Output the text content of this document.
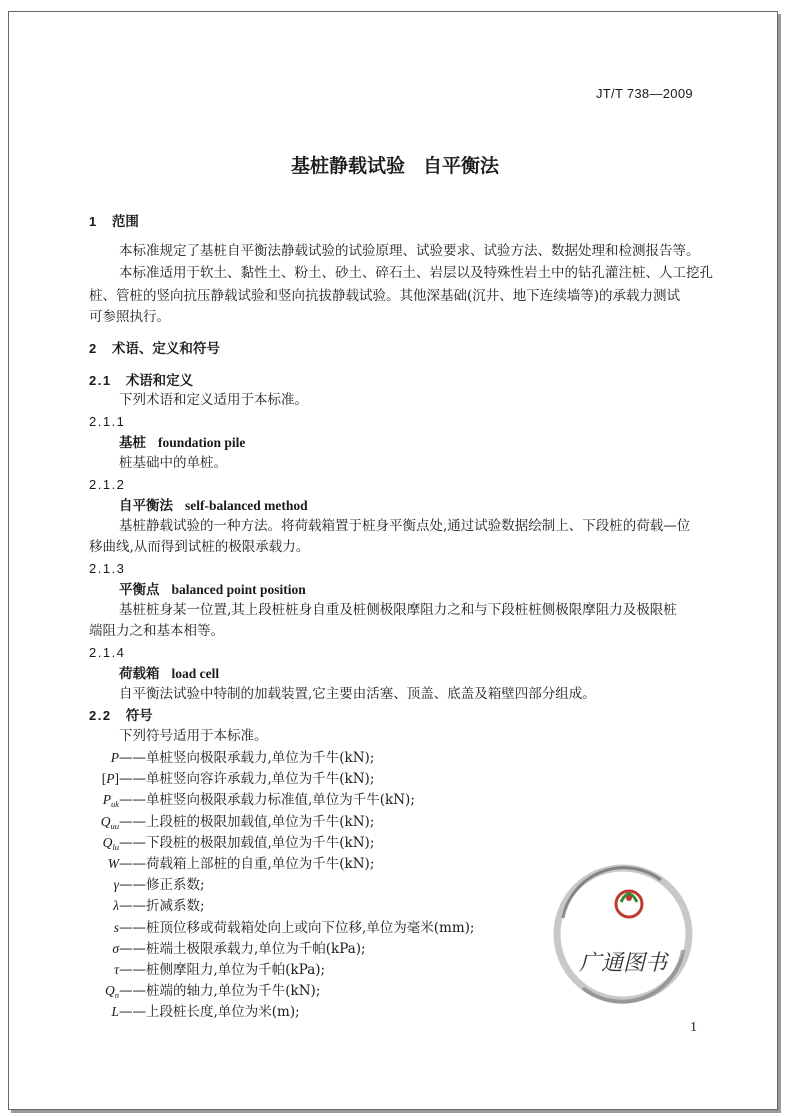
JT/T 738—2009
基桩静载试验 自平衡法
1 范围
本标准规定了基桩自平衡法静载试验的试验原理、试验要求、试验方法、数据处理和检测报告等。
本标准适用于软土、黏性土、粉土、砂土、碎石土、岩层以及特殊性岩土中的钻孔灌注桩、人工挖孔
桩、管桩的竖向抗压静载试验和竖向抗拔静载试验。其他深基础(沉井、地下连续墙等)的承载力测试
可参照执行。
2 术语、定义和符号
2.1 术语和定义
下列术语和定义适用于本标准。
2.1.1
基桩 foundation pile
桩基础中的单桩。
2.1.2
自平衡法 self-balanced method
基桩静载试验的一种方法。将荷载箱置于桩身平衡点处,通过试验数据绘制上、下段桩的荷载—位
移曲线,从而得到试桩的极限承载力。
2.1.3
平衡点 balanced point position
基桩桩身某一位置,其上段桩桩身自重及桩侧极限摩阻力之和与下段桩桩侧极限摩阻力及极限桩
端阻力之和基本相等。
2.1.4
荷载箱 load cell
自平衡法试验中特制的加载装置,它主要由活塞、顶盖、底盖及箱壁四部分组成。
2.2 符号
下列符号适用于本标准。
P——单桩竖向极限承载力,单位为千牛(kN);
[P]——单桩竖向容许承载力,单位为千牛(kN);
$P_{uk}——$单桩竖向极限承载力标准值,单位为千牛(kN);
$Q_{uu}——$上段桩的极限加载值,单位为千牛(kN);
$Q_{lu}——$下段桩的极限加载值,单位为千牛(kN);
W——荷载箱上部桩的自重,单位为千牛(kN);
γ——修正系数;
λ——折减系数;
s——桩顶位移或荷载箱处向上或向下位移,单位为毫米(mm);
σ——桩端土极限承载力,单位为千帕(kPa);
τ——桩侧摩阻力,单位为千帕(kPa);
$Q_n——$桩端的轴力,单位为千牛(kN);
L——上段桩长度,单位为米(m);
广通图书
1
